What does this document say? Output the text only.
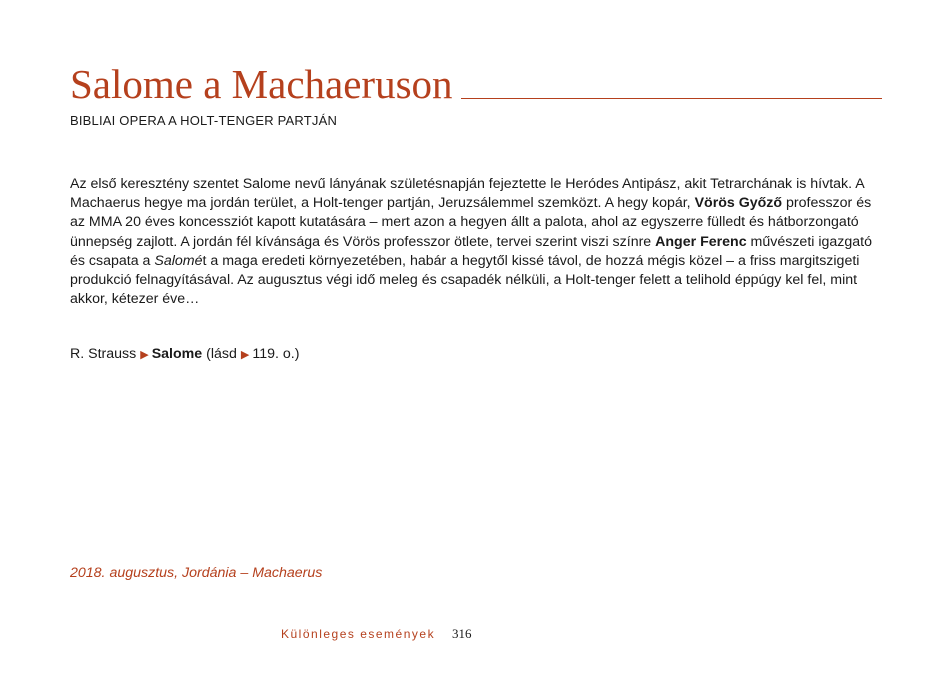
Salome a Machaeruson
BIBLIAI OPERA A HOLT-TENGER PARTJÁN
Az első keresztény szentet Salome nevű lányának születésnapján fejeztette le Heródes Antipász, akit Tetrarchának is hívtak. A Machaerus hegye ma jordán terület, a Holt-tenger partján, Jeruzsálemmel szemközt. A hegy kopár, Vörös Győző professzor és az MMA 20 éves koncessziót kapott kutatására – mert azon a hegyen állt a palota, ahol az egyszerre fülledt és hátborzongató ünnepség zajlott. A jordán fél kívánsága és Vörös professzor ötlete, tervei szerint viszi színre Anger Ferenc művészeti igazgató és csapata a Salomét a maga eredeti környezetében, habár a hegytől kissé távol, de hozzá mégis közel – a friss margitszigeti produkció felnagyításával. Az augusztus végi idő meleg és csapadék nélküli, a Holt-tenger felett a telihold éppúgy kel fel, mint akkor, kétezer éve…
R. Strauss ▶ Salome (lásd ▶ 119. o.)
2018. augusztus, Jordánia – Machaerus
Különleges események 316
